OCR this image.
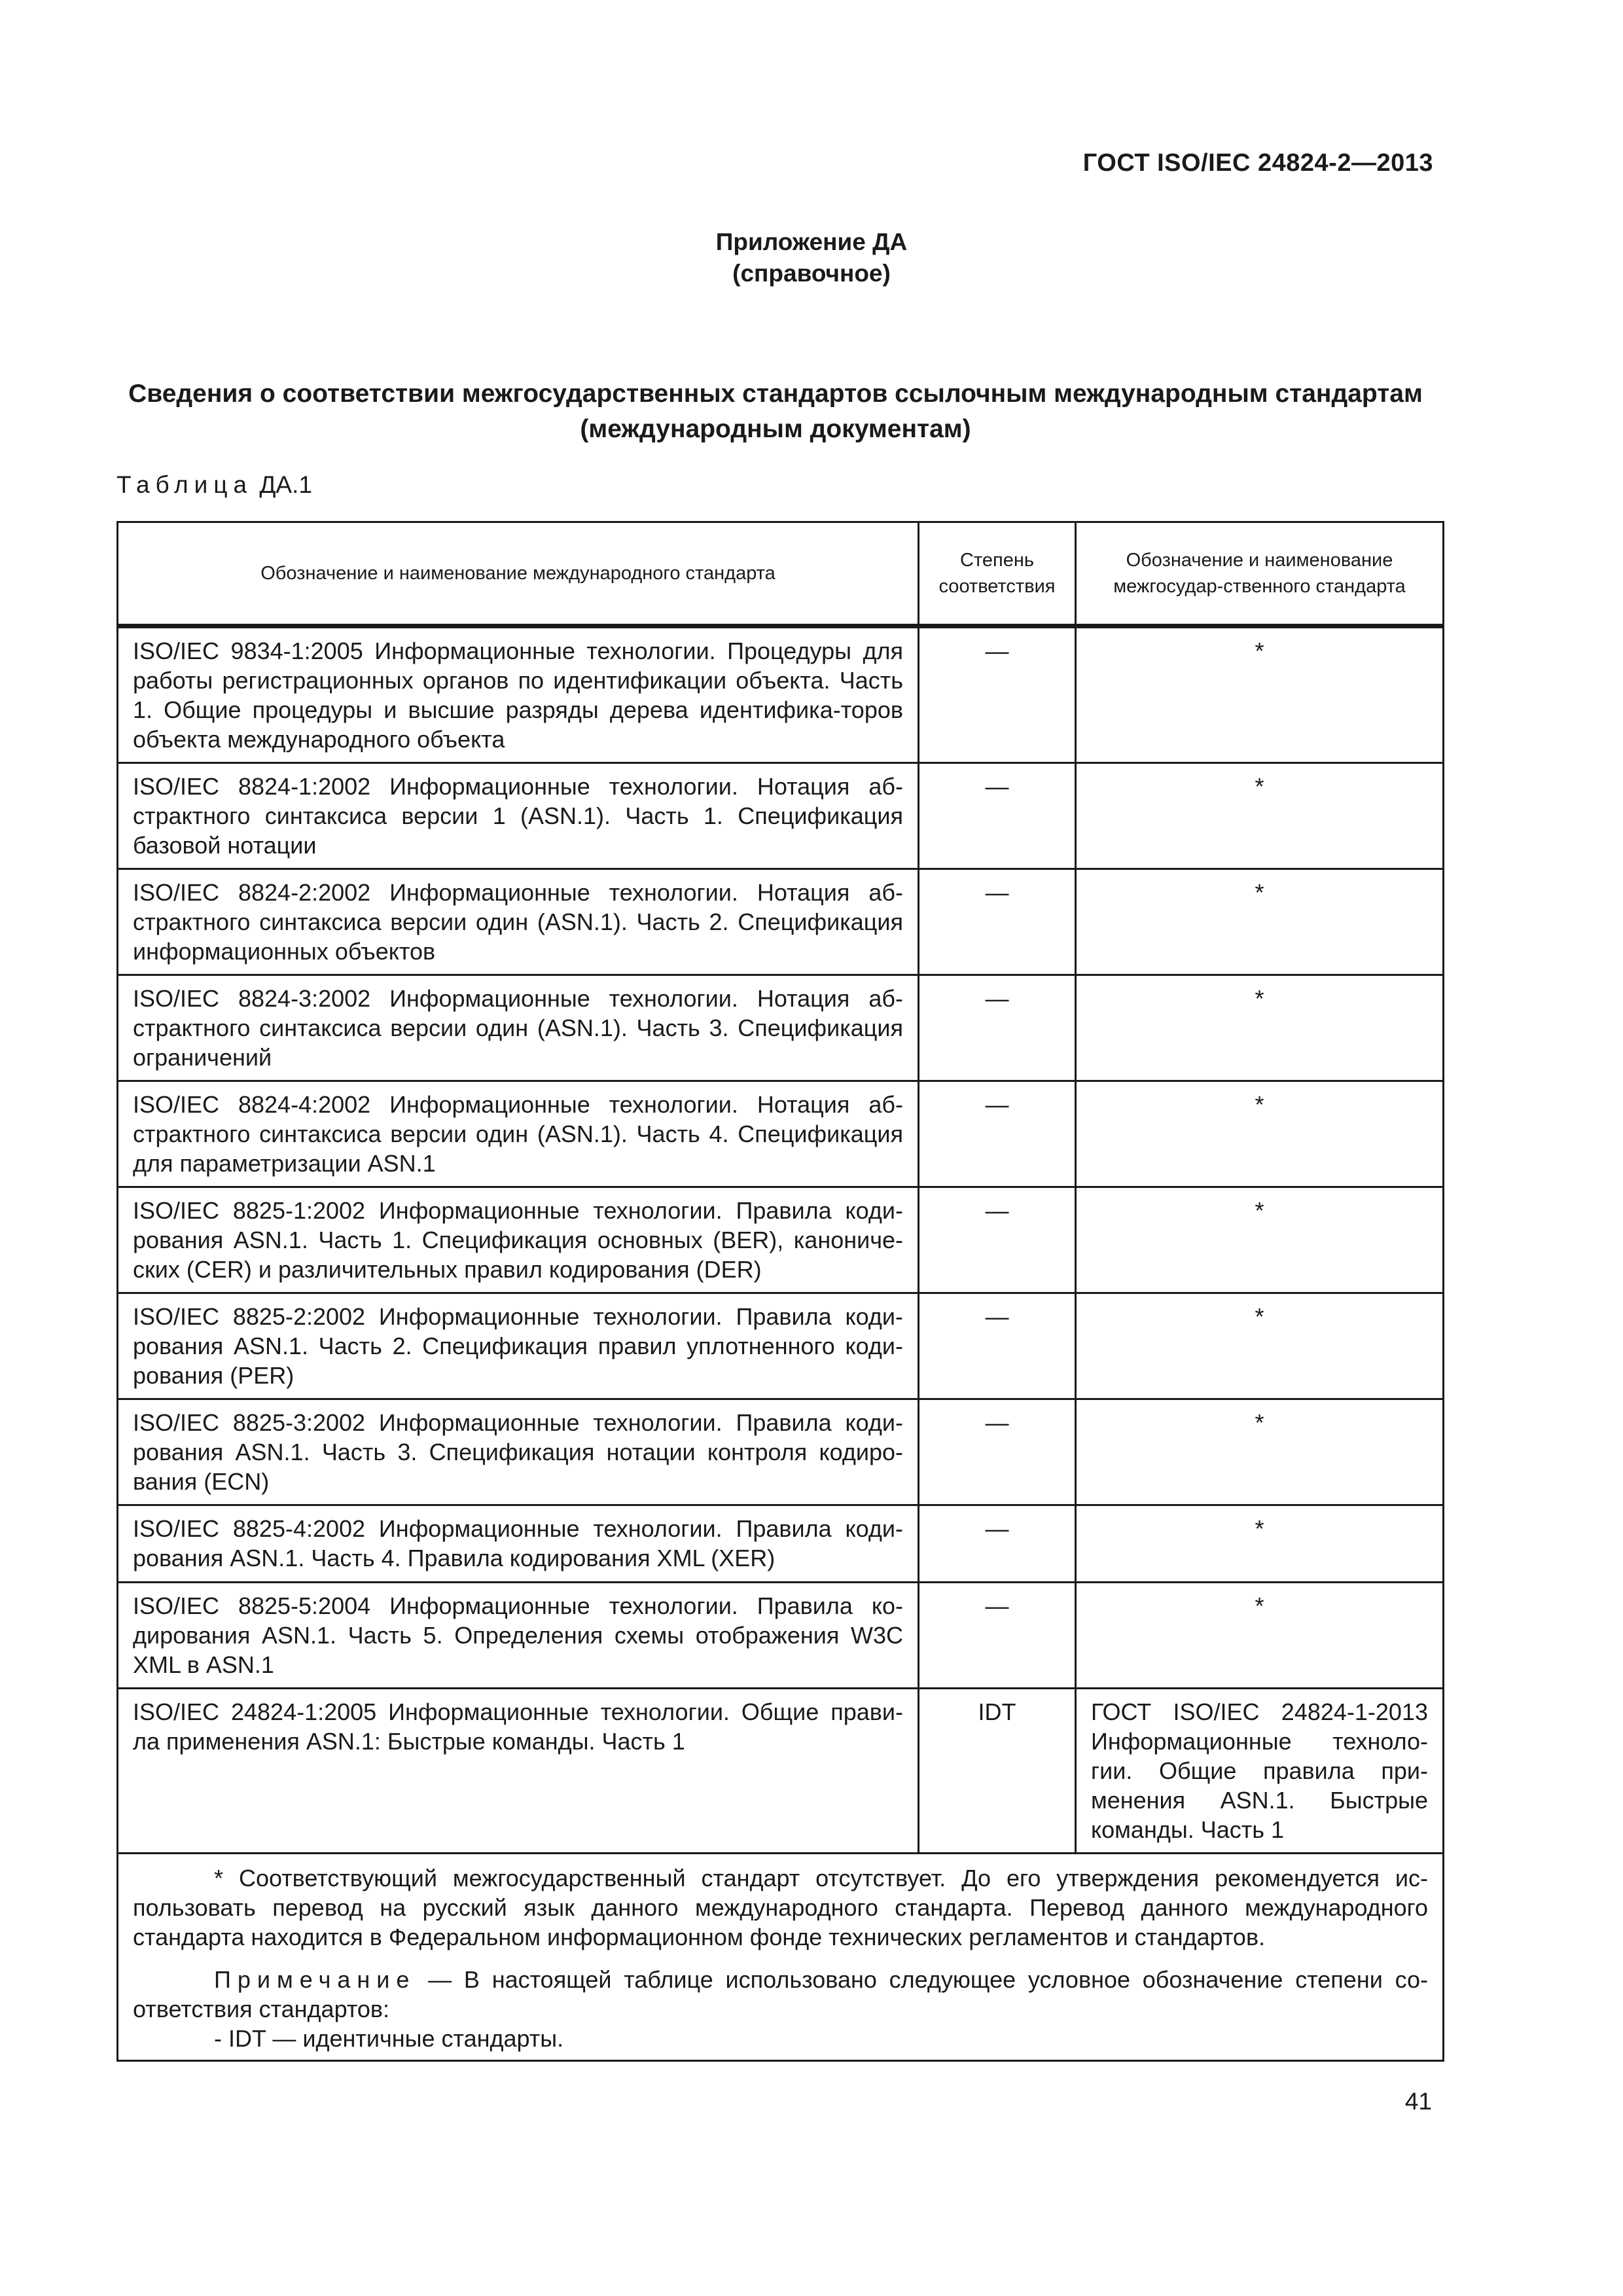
ГОСТ ISO/IEC 24824-2—2013
Приложение ДА
(справочное)
Сведения о соответствии межгосударственных стандартов ссылочным международным стандартам (международным документам)
Таблица ДА.1
Обозначение и наименование международного стандарта	Степень соответствия	Обозначение и наименование межгосудар-ственного стандарта
ISO/IEC 9834-1:2005 Информационные технологии. Процедуры для работы регистрационных органов по идентификации объекта. Часть 1. Общие процедуры и высшие разряды дерева идентифика-торов объекта международного объекта	—	*
ISO/IEC 8824-1:2002 Информационные технологии. Нотация аб-страктного синтаксиса версии 1 (ASN.1). Часть 1. Спецификация базовой нотации	—	*
ISO/IEC 8824-2:2002 Информационные технологии. Нотация аб-страктного синтаксиса версии один (ASN.1). Часть 2. Спецификация информационных объектов	—	*
ISO/IEC 8824-3:2002 Информационные технологии. Нотация аб-страктного синтаксиса версии один (ASN.1). Часть 3. Спецификация ограничений	—	*
ISO/IEC 8824-4:2002 Информационные технологии. Нотация аб-страктного синтаксиса версии один (ASN.1). Часть 4. Спецификация для параметризации ASN.1	—	*
ISO/IEC 8825-1:2002 Информационные технологии. Правила коди-рования ASN.1. Часть 1. Спецификация основных (BER), канониче-ских (CER) и различительных правил кодирования (DER)	—	*
ISO/IEC 8825-2:2002 Информационные технологии. Правила коди-рования ASN.1. Часть 2. Спецификация правил уплотненного коди-рования (PER)	—	*
ISO/IEC 8825-3:2002 Информационные технологии. Правила коди-рования ASN.1. Часть 3. Спецификация нотации контроля кодиро-вания (ECN)	—	*
ISO/IEC 8825-4:2002 Информационные технологии. Правила коди-рования ASN.1. Часть 4. Правила кодирования XML (XER)	—	*
ISO/IEC 8825-5:2004 Информационные технологии. Правила ко-дирования ASN.1. Часть 5. Определения схемы отображения W3C XML в ASN.1	—	*
ISO/IEC 24824-1:2005 Информационные технологии. Общие прави-ла применения ASN.1: Быстрые команды. Часть 1	IDT	ГОСТ ISO/IEC 24824-1-2013 Информационные техноло-гии. Общие правила при-менения ASN.1. Быстрые команды. Часть 1

* Соответствующий межгосударственный стандарт отсутствует. До его утверждения рекомендуется ис-пользовать перевод на русский язык данного международного стандарта. Перевод данного международного стандарта находится в Федеральном информационном фонде технических регламентов и стандартов.

Примечание — В настоящей таблице использовано следующее условное обозначение степени со-ответствия стандартов:

- IDT — идентичные стандарты.		

41
